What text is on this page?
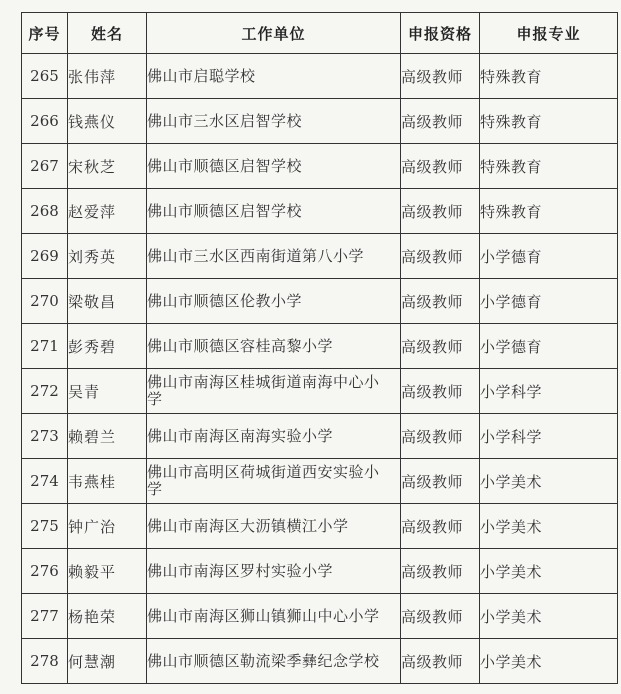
序号	姓名	工作单位	申报资格	申报专业
265	张伟萍	佛山市启聪学校	高级教师	特殊教育
266	钱燕仪	佛山市三水区启智学校	高级教师	特殊教育
267	宋秋芝	佛山市顺德区启智学校	高级教师	特殊教育
268	赵爱萍	佛山市顺德区启智学校	高级教师	特殊教育
269	刘秀英	佛山市三水区西南街道第八小学	高级教师	小学德育
270	梁敬昌	佛山市顺德区伦教小学	高级教师	小学德育
271	彭秀碧	佛山市顺德区容桂高黎小学	高级教师	小学德育
272	吴青	佛山市南海区桂城街道南海中心小学	高级教师	小学科学
273	赖碧兰	佛山市南海区南海实验小学	高级教师	小学科学
274	韦燕桂	佛山市高明区荷城街道西安实验小学	高级教师	小学美术
275	钟广治	佛山市南海区大沥镇横江小学	高级教师	小学美术
276	赖毅平	佛山市南海区罗村实验小学	高级教师	小学美术
277	杨艳荣	佛山市南海区狮山镇狮山中心小学	高级教师	小学美术
278	何慧潮	佛山市顺德区勒流梁季彝纪念学校	高级教师	小学美术
